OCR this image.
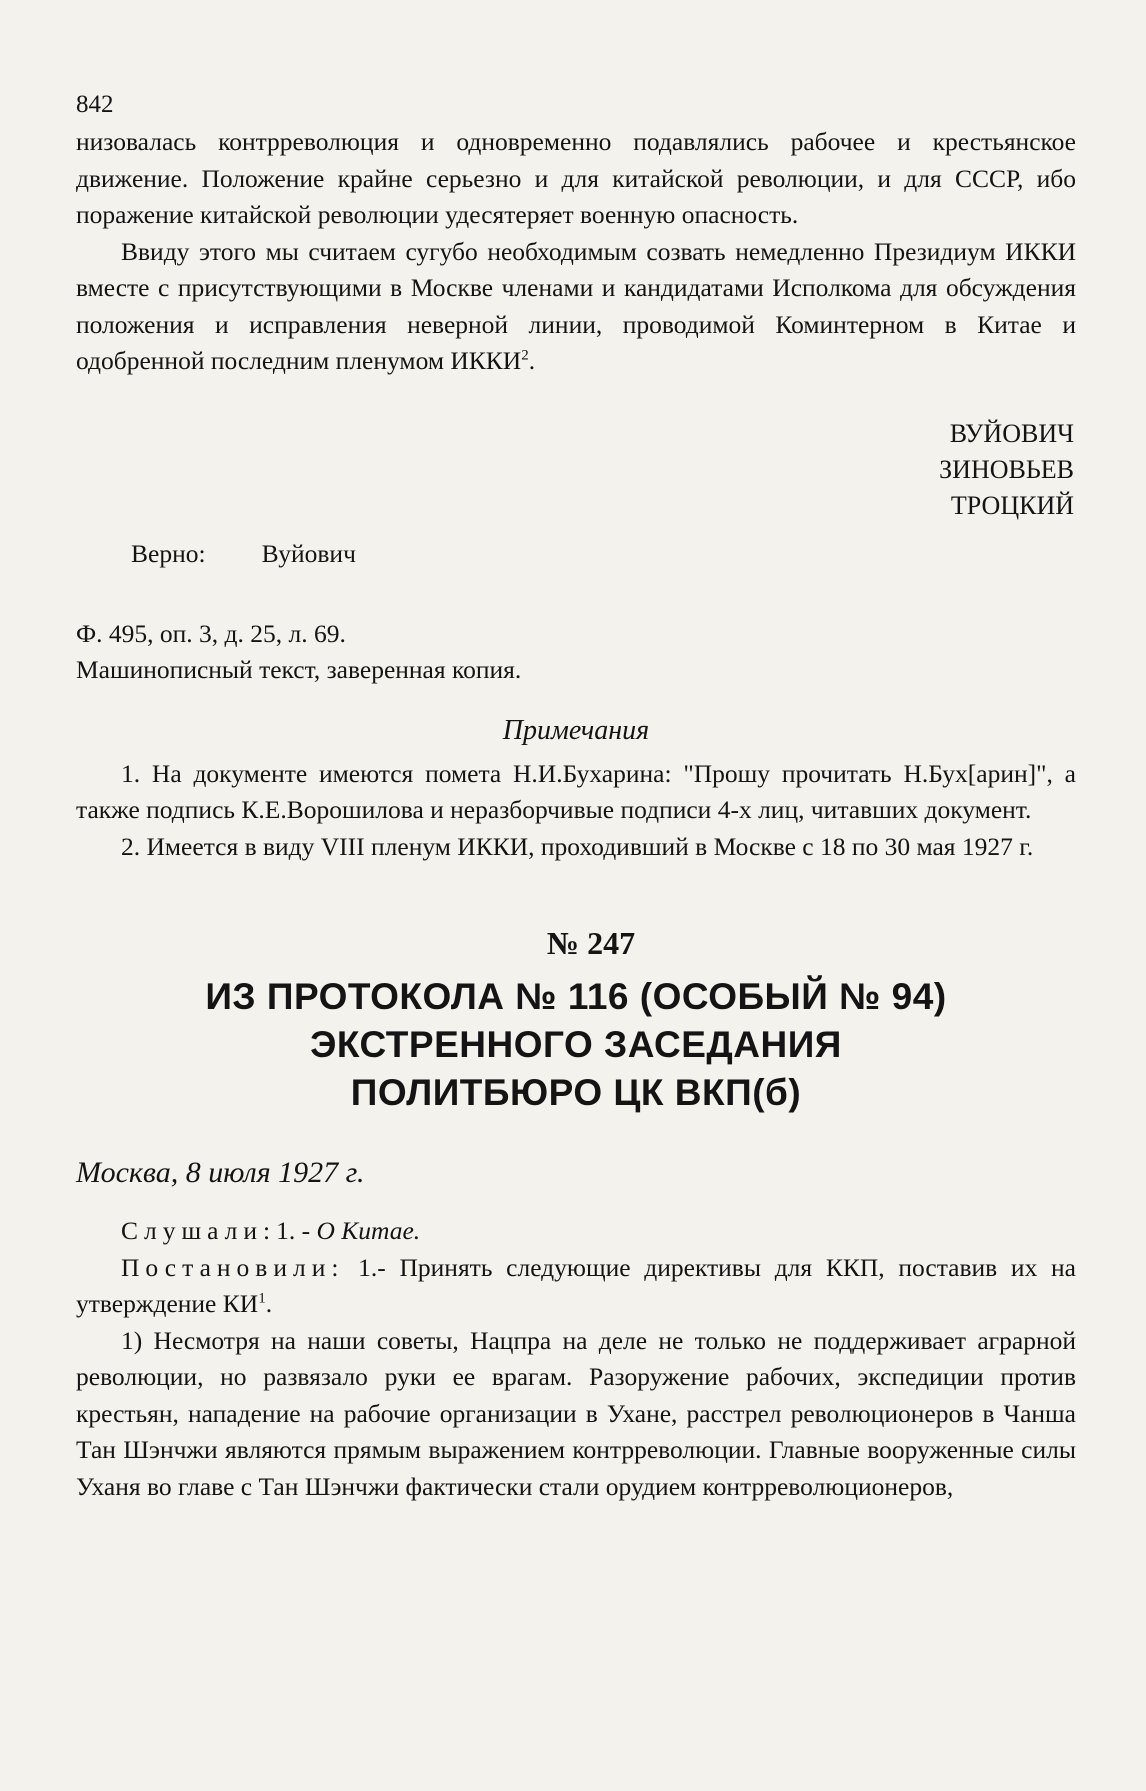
842

низовалась контрреволюция и одновременно подавлялись рабочее и крестьянское движение. Положение крайне серьезно и для китайской революции, и для СССР, ибо поражение китайской революции удесятеряет военную опасность.

Ввиду этого мы считаем сугубо необходимым созвать немедленно Президиум ИККИ вместе с присутствующими в Москве членами и кандидатами Исполкома для обсуждения положения и исправления неверной линии, проводимой Коминтерном в Китае и одобренной последним пленумом ИККИ$^2$.

ВУЙОВИЧ
ЗИНОВЬЕВ
ТРОЦКИЙ
Верно: Вуйович
Ф. 495, оп. 3, д. 25, л. 69.
Машинописный текст, заверенная копия.
Примечания

1. На документе имеются помета Н.И.Бухарина: "Прошу прочитать Н.Бух[арин]", а также подпись К.Е.Ворошилова и неразборчивые подписи 4-х лиц, читавших документ.

2. Имеется в виду VIII пленум ИККИ, проходивший в Москве с 18 по 30 мая 1927 г.

№ 247
ИЗ ПРОТОКОЛА № 116 (ОСОБЫЙ № 94)
ЭКСТРЕННОГО ЗАСЕДАНИЯ
ПОЛИТБЮРО ЦК ВКП(б)
Москва, 8 июля 1927 г.

Слушали:1. - О Китае.

Постановили: 1.- Принять следующие директивы для ККП, поставив их на утверждение $КИ^1$.

1) Несмотря на наши советы, Нацпра на деле не только не поддерживает аграрной революции, но развязало руки ее врагам. Разоружение рабочих, экспедиции против крестьян, нападение на рабочие организации в Ухане, расстрел революционеров в Чанша Тан Шэнчжи являются прямым выражением контрреволюции. Главные вооруженные силы Уханя во главе с Тан Шэнчжи фактически стали орудием контрреволюционеров,
